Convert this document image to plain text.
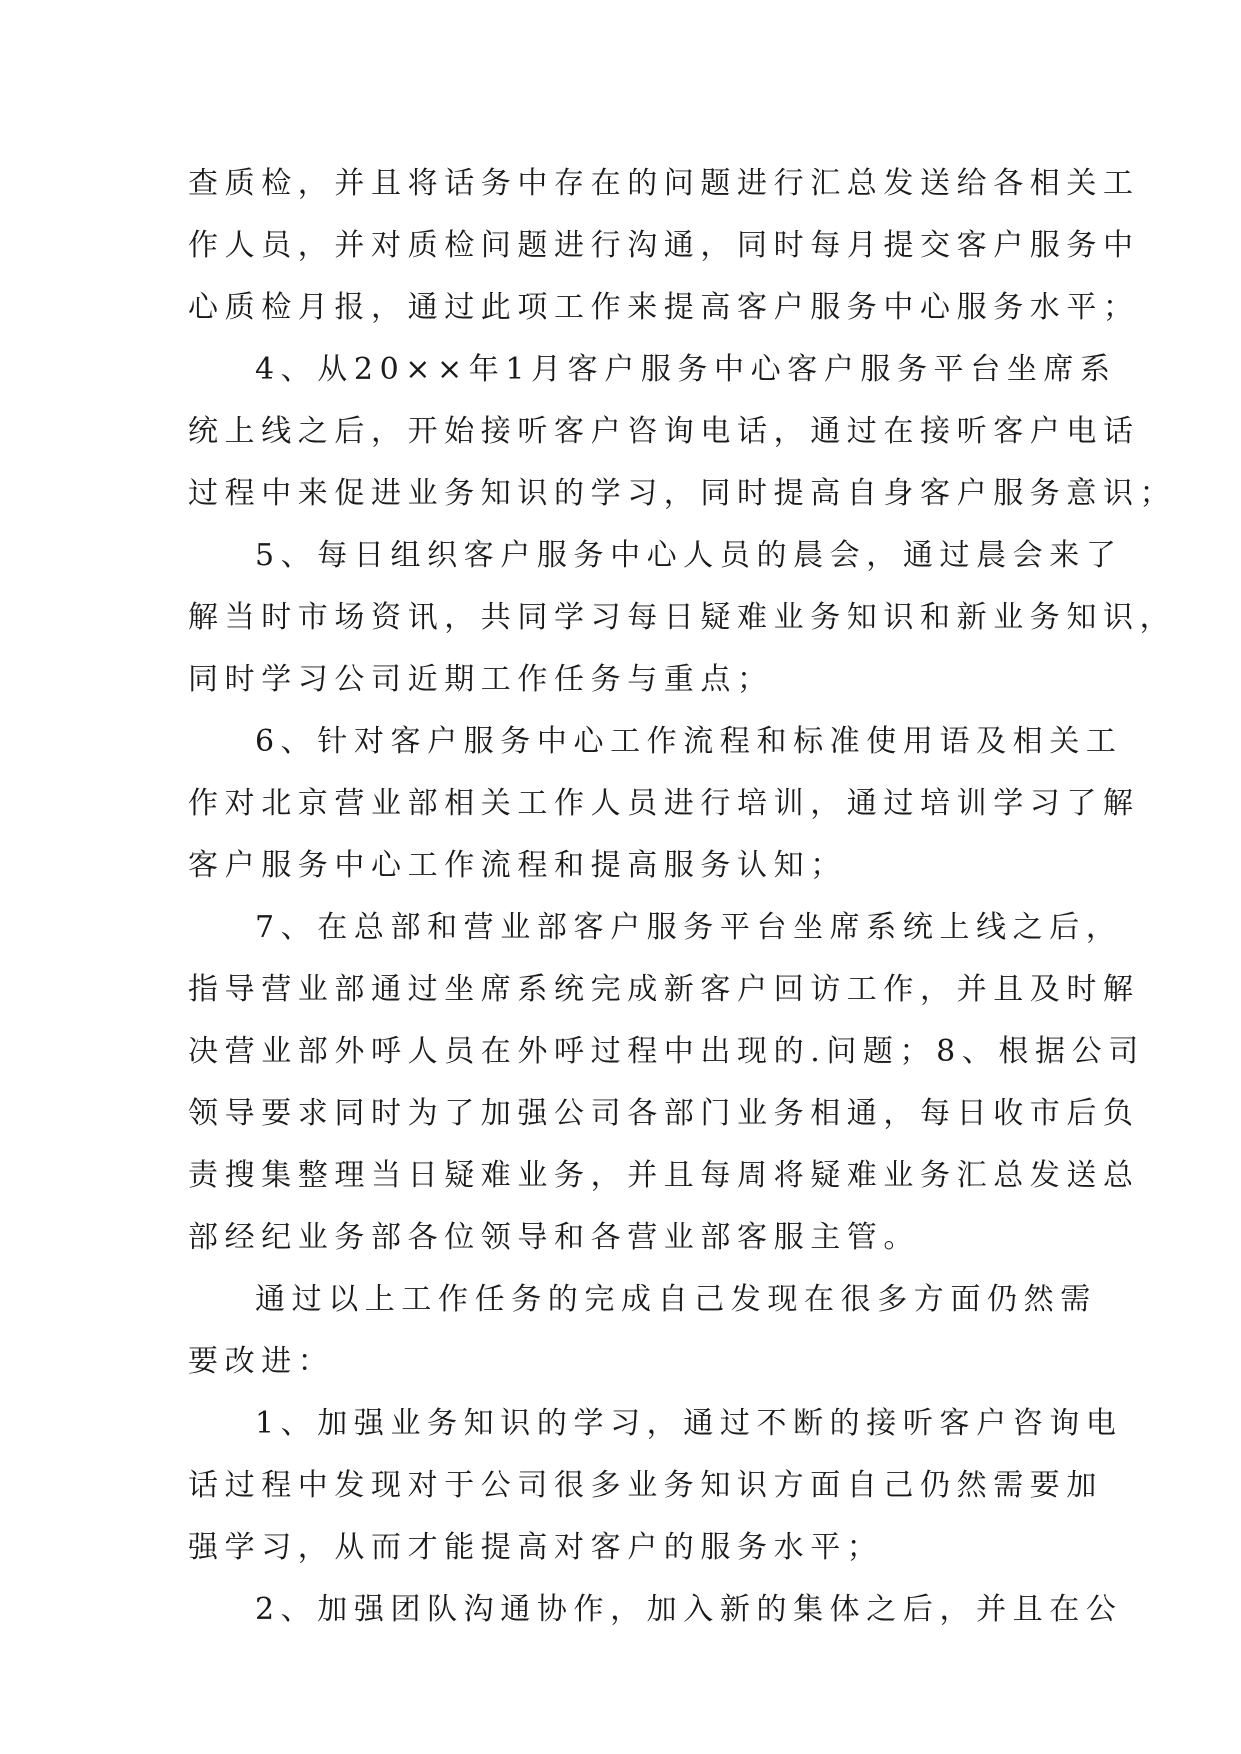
查质检，并且将话务中存在的问题进行汇总发送给各相关工
作人员，并对质检问题进行沟通，同时每月提交客户服务中
心质检月报，通过此项工作来提高客户服务中心服务水平；
4、从20××年1月客户服务中心客户服务平台坐席系
统上线之后，开始接听客户咨询电话，通过在接听客户电话
过程中来促进业务知识的学习，同时提高自身客户服务意识；
5、每日组织客户服务中心人员的晨会，通过晨会来了
解当时市场资讯，共同学习每日疑难业务知识和新业务知识，
同时学习公司近期工作任务与重点；
6、针对客户服务中心工作流程和标准使用语及相关工
作对北京营业部相关工作人员进行培训，通过培训学习了解
客户服务中心工作流程和提高服务认知；
7、在总部和营业部客户服务平台坐席系统上线之后，
指导营业部通过坐席系统完成新客户回访工作，并且及时解
决营业部外呼人员在外呼过程中出现的.问题；8、根据公司
领导要求同时为了加强公司各部门业务相通，每日收市后负
责搜集整理当日疑难业务，并且每周将疑难业务汇总发送总
部经纪业务部各位领导和各营业部客服主管。
通过以上工作任务的完成自己发现在很多方面仍然需
要改进：
1、加强业务知识的学习，通过不断的接听客户咨询电
话过程中发现对于公司很多业务知识方面自己仍然需要加
强学习，从而才能提高对客户的服务水平；
2、加强团队沟通协作，加入新的集体之后，并且在公
